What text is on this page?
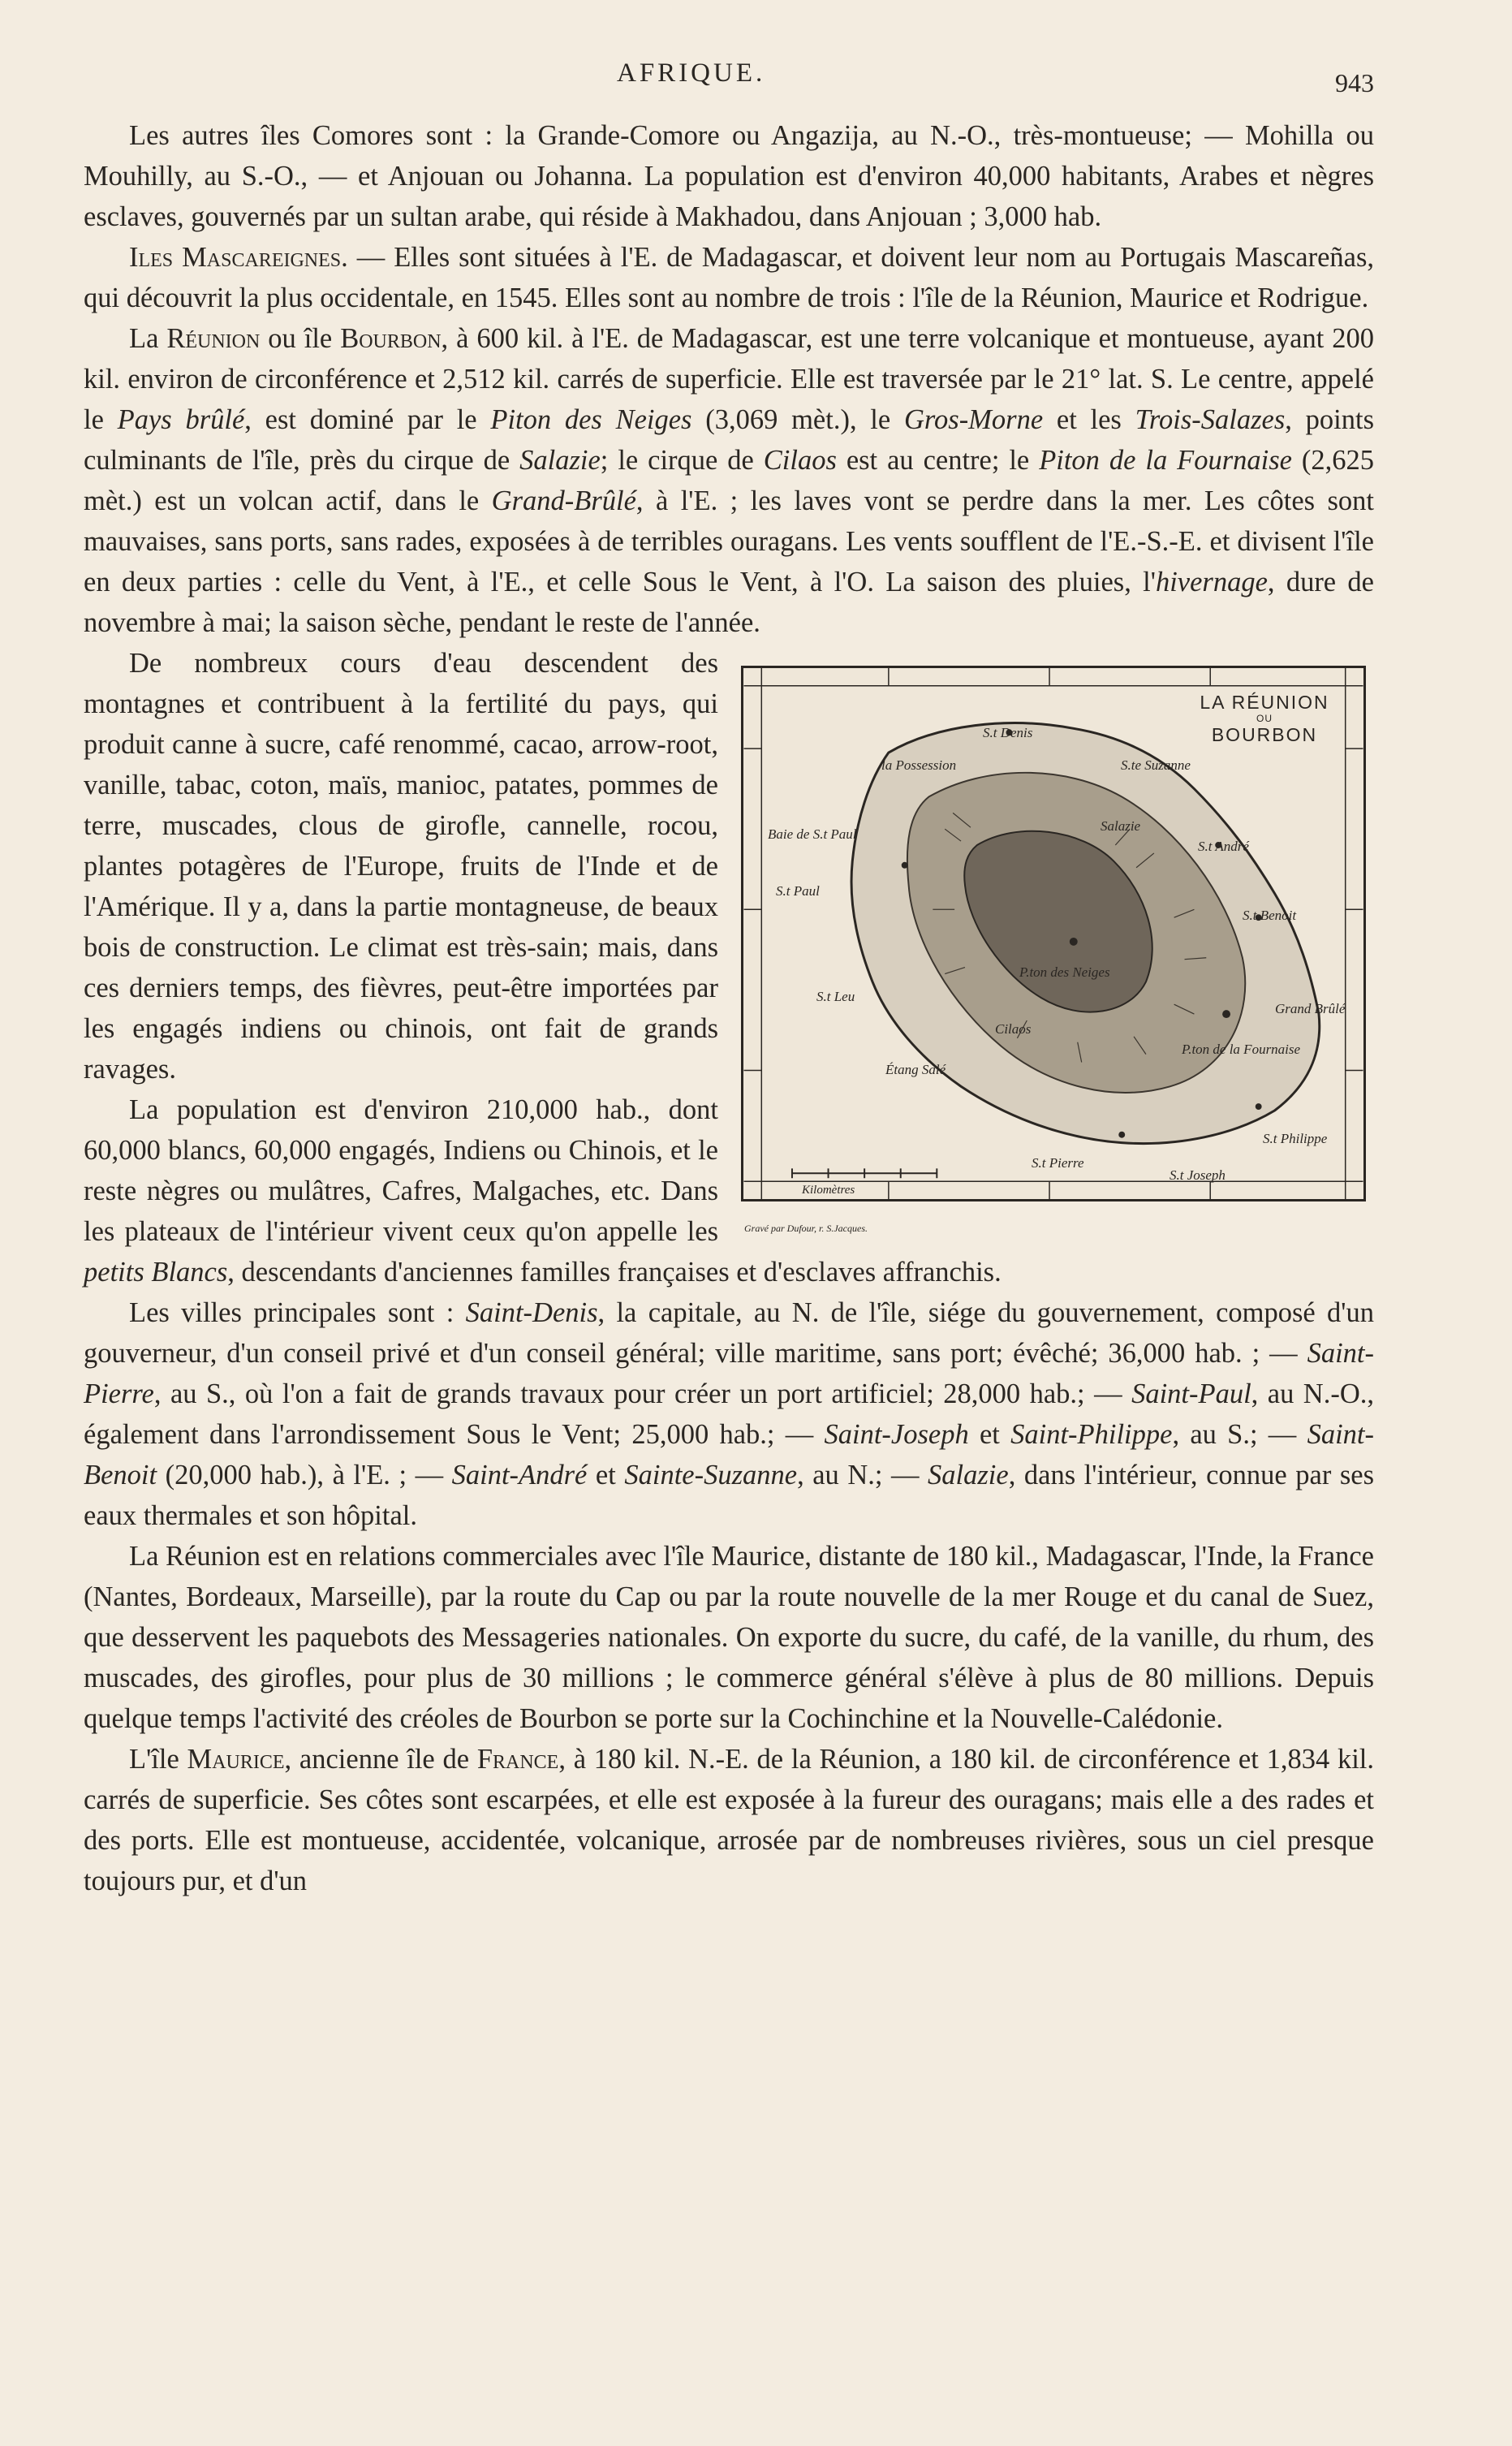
AFRIQUE.	943

Les autres îles Comores sont : la Grande-Comore ou Angazija, au N.-O., très-montueuse; — Mohilla ou Mouhilly, au S.-O., — et Anjouan ou Johanna. La population est d'environ 40,000 habitants, Arabes et nègres esclaves, gouvernés par un sultan arabe, qui réside à Makhadou, dans Anjouan ; 3,000 hab.

Iles Mascareignes. — Elles sont situées à l'E. de Madagascar, et doivent leur nom au Portugais Mascareñas, qui découvrit la plus occidentale, en 1545. Elles sont au nombre de trois : l'île de la Réunion, Maurice et Rodrigue.

La Réunion ou île Bourbon, à 600 kil. à l'E. de Madagascar, est une terre volcanique et montueuse, ayant 200 kil. environ de circonférence et 2,512 kil. carrés de superficie. Elle est traversée par le 21° lat. S. Le centre, appelé le Pays brûlé, est dominé par le Piton des Neiges (3,069 mèt.), le Gros-Morne et les Trois-Salazes, points culminants de l'île, près du cirque de Salazie; le cirque de Cilaos est au centre; le Piton de la Fournaise (2,625 mèt.) est un volcan actif, dans le Grand-Brûlé, à l'E. ; les laves vont se perdre dans la mer. Les côtes sont mauvaises, sans ports, sans rades, exposées à de terribles ouragans. Les vents soufflent de l'E.-S.-E. et divisent l'île en deux parties : celle du Vent, à l'E., et celle Sous le Vent, à l'O. La saison des pluies, l'hivernage, dure de novembre à mai; la saison sèche, pendant le reste de l'année.

LA RÉUNION
OU
BOURBON
S.t Denis
la Possession
S.t Paul
Salazie
S.t André
S.t Benoit
S.t Pierre
S.t Philippe
S.t Joseph
Baie de S.t Paul
P.ton des Neiges
P.ton de la Fournaise
Cilaos
Grand Brûlé
Étang Salé
S.t Leu
S.te Suzanne
Kilomètres
Gravé par Dufour, r. S.Jacques.

De nombreux cours d'eau descendent des montagnes et contribuent à la fertilité du pays, qui produit canne à sucre, café renommé, cacao, arrow-root, vanille, tabac, coton, maïs, manioc, patates, pommes de terre, muscades, clous de girofle, cannelle, rocou, plantes potagères de l'Europe, fruits de l'Inde et de l'Amérique. Il y a, dans la partie montagneuse, de beaux bois de construction. Le climat est très-sain; mais, dans ces derniers temps, des fièvres, peut-être importées par les engagés indiens ou chinois, ont fait de grands ravages.

La population est d'environ 210,000 hab., dont 60,000 blancs, 60,000 engagés, Indiens ou Chinois, et le reste nègres ou mulâtres, Cafres, Malgaches, etc. Dans les plateaux de l'intérieur vivent ceux qu'on appelle les petits Blancs, descendants d'anciennes familles françaises et d'esclaves affranchis.

Les villes principales sont : Saint-Denis, la capitale, au N. de l'île, siége du gouvernement, composé d'un gouverneur, d'un conseil privé et d'un conseil général; ville maritime, sans port; évêché; 36,000 hab. ; — Saint-Pierre, au S., où l'on a fait de grands travaux pour créer un port artificiel; 28,000 hab.; — Saint-Paul, au N.-O., également dans l'arrondissement Sous le Vent; 25,000 hab.; — Saint-Joseph et Saint-Philippe, au S.; — Saint-Benoit (20,000 hab.), à l'E. ; — Saint-André et Sainte-Suzanne, au N.; — Salazie, dans l'intérieur, connue par ses eaux thermales et son hôpital.

La Réunion est en relations commerciales avec l'île Maurice, distante de 180 kil., Madagascar, l'Inde, la France (Nantes, Bordeaux, Marseille), par la route du Cap ou par la route nouvelle de la mer Rouge et du canal de Suez, que desservent les paquebots des Messageries nationales. On exporte du sucre, du café, de la vanille, du rhum, des muscades, des girofles, pour plus de 30 millions ; le commerce général s'élève à plus de 80 millions. Depuis quelque temps l'activité des créoles de Bourbon se porte sur la Cochinchine et la Nouvelle-Calédonie.

L'île Maurice, ancienne île de France, à 180 kil. N.-E. de la Réunion, a 180 kil. de circonférence et 1,834 kil. carrés de superficie. Ses côtes sont escarpées, et elle est exposée à la fureur des ouragans; mais elle a des rades et des ports. Elle est montueuse, accidentée, volcanique, arrosée par de nombreuses rivières, sous un ciel presque toujours pur, et d'un
